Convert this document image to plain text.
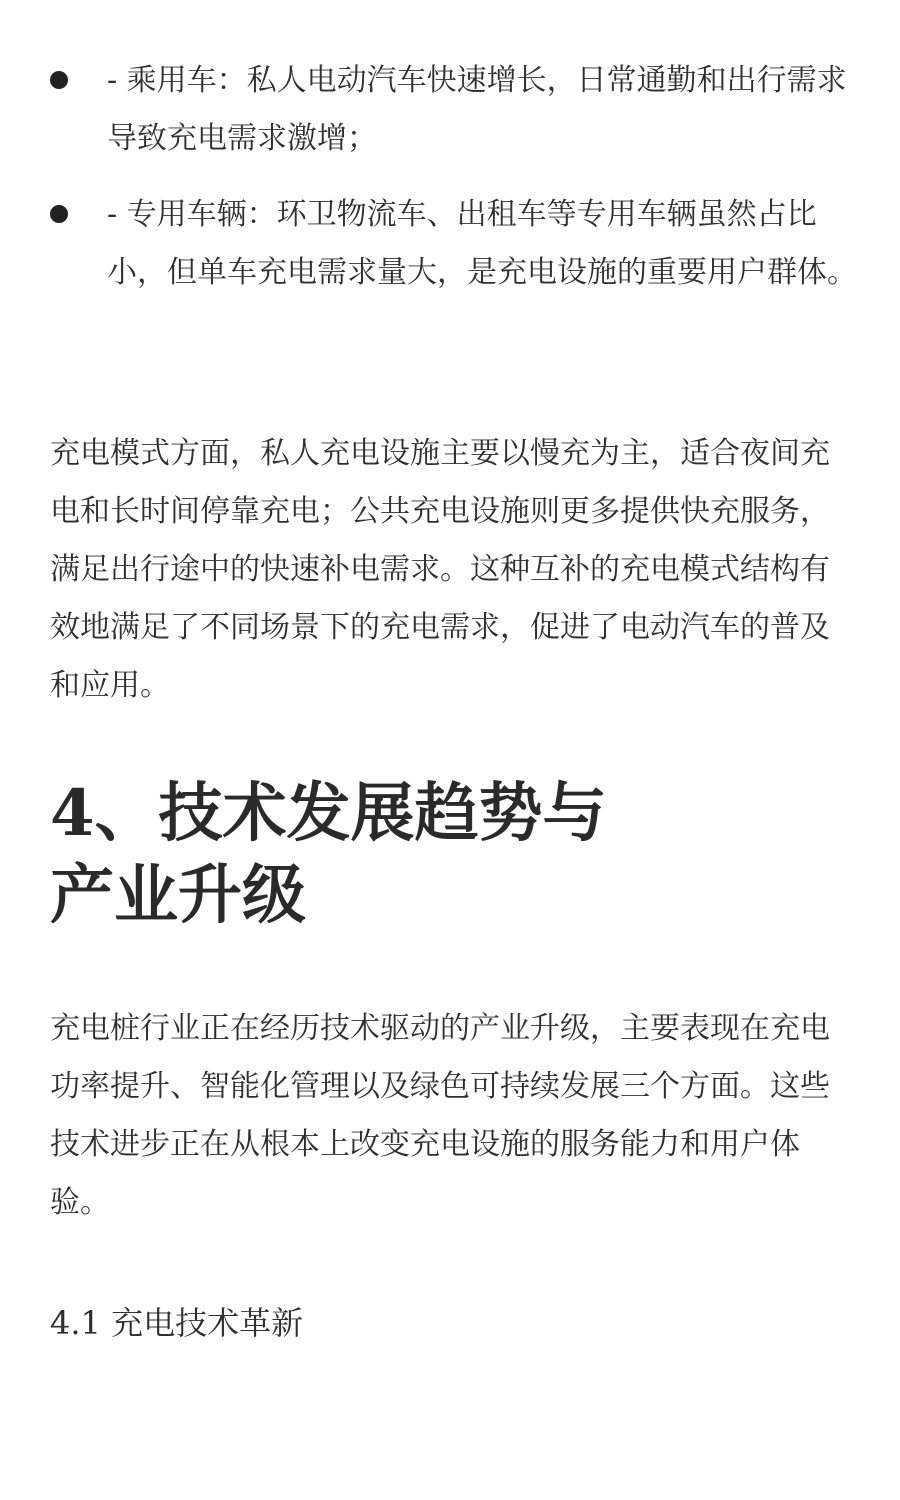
- 乘用车：私人电动汽车快速增长，日常通勤和出行需求导致充电需求激增；
- 专用车辆：环卫物流车、出租车等专用车辆虽然占比小，但单车充电需求量大，是充电设施的重要用户群体。

充电模式方面，私人充电设施主要以慢充为主，适合夜间充电和长时间停靠充电；公共充电设施则更多提供快充服务，满足出行途中的快速补电需求。这种互补的充电模式结构有效地满足了不同场景下的充电需求，促进了电动汽车的普及和应用。

4、技术发展趋势与产业升级

充电桩行业正在经历技术驱动的产业升级，主要表现在充电功率提升、智能化管理以及绿色可持续发展三个方面。这些技术进步正在从根本上改变充电设施的服务能力和用户体验。

4.1 充电技术革新
